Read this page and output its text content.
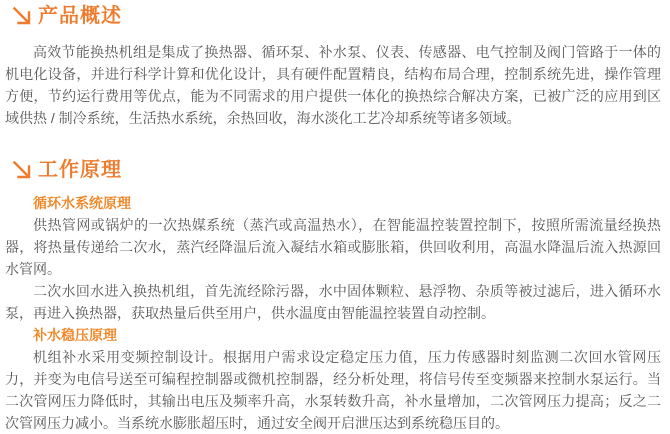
产品概述

高效节能换热机组是集成了换热器、循环泵、补水泵、仪表、传感器、电气控制及阀门管路于一体的机电化设备，并进行科学计算和优化设计，具有硬件配置精良，结构布局合理，控制系统先进，操作管理方便，节约运行费用等优点，能为不同需求的用户提供一体化的换热综合解决方案，已被广泛的应用到区域供热 / 制冷系统，生活热水系统，余热回收，海水淡化工艺冷却系统等诸多领域。

工作原理
循环水系统原理

供热管网或锅炉的一次热媒系统（蒸汽或高温热水），在智能温控装置控制下，按照所需流量经换热器，将热量传递给二次水，蒸汽经降温后流入凝结水箱或膨胀箱，供回收利用，高温水降温后流入热源回水管网。

二次水回水进入换热机组，首先流经除污器，水中固体颗粒、悬浮物、杂质等被过滤后，进入循环水泵，再进入换热器，获取热量后供至用户，供水温度由智能温控装置自动控制。

补水稳压原理

机组补水采用变频控制设计。根据用户需求设定稳定压力值，压力传感器时刻监测二次回水管网压力，并变为电信号送至可编程控制器或微机控制器，经分析处理，将信号传至变频器来控制水泵运行。当二次管网压力降低时，其输出电压及频率升高，水泵转数升高，补水量增加，二次管网压力提高；反之二次管网压力减小。当系统水膨胀超压时，通过安全阀开启泄压达到系统稳压目的。
